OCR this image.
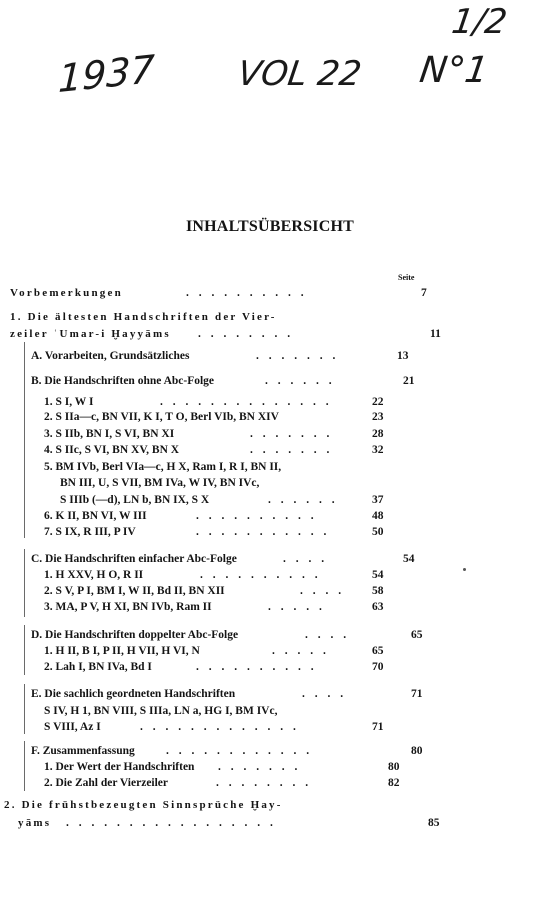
1/2
1937 VOL 22 N°1
INHALTSÜBERSICHT
Seite
Vorbemerkungen	. . . . . . . . . .	7
1. Die ältesten Handschriften der Vier-
zeiler ʿUmar-i Ḫayyāms . . . . . . . .	11
A. Vorarbeiten, Grundsätzliches	. . . . . . .	13
B. Die Handschriften ohne Abc-Folge	. . . . . .	21
1. S I, W I	. . . . . . . . . . . . . .	22
2. S IIa—c, BN VII, K I, T O, Berl VIb, BN XIV	23
3. S IIb, BN I, S VI, BN XI	. . . . . . .	28
4. S IIc, S VI, BN XV, BN X	. . . . . . .	32
5. BM IVb, Berl VIa—c, H X, Ram I, R I, BN II,
BN III, U, S VII, BM IVa, W IV, BN IVc,
S IIIb (—d), LN b, BN IX, S X	. . . . . .	37
6. K II, BN VI, W III	. . . . . . . . . .	48
7. S IX, R III, P IV	. . . . . . . . . . .	50
C. Die Handschriften einfacher Abc-Folge	. . . .	54
1. H XXV, H O, R II	. . . . . . . . . .	54
2. S V, P I, BM I, W II, Bd II, BN XII	. . . . 58
3. MA, P V, H XI, BN IVb, Ram II	. . . . .	63
D. Die Handschriften doppelter Abc-Folge	. . . .	65
1. H II, B I, P II, H VII, H VI, N	. . . . .	65
2. Lah I, BN IVa, Bd I	. . . . . . . . . .	70
E. Die sachlich geordneten Handschriften	. . . .	71
S IV, H 1, BN VIII, S IIIa, LN a, HG I, BM IVc,
S VIII, Az I	. . . . . . . . . . . . .	71
F. Zusammenfassung	. . . . . . . . . . . .	80
1. Der Wert der Handschriften . . . . . . .	80
2. Die Zahl der Vierzeiler	. . . . . . . .	82
2. Die frühstbezeugten Sinnsprüche Ḫay-
yāms . . . . . . . . . . . . . . . . .	85
